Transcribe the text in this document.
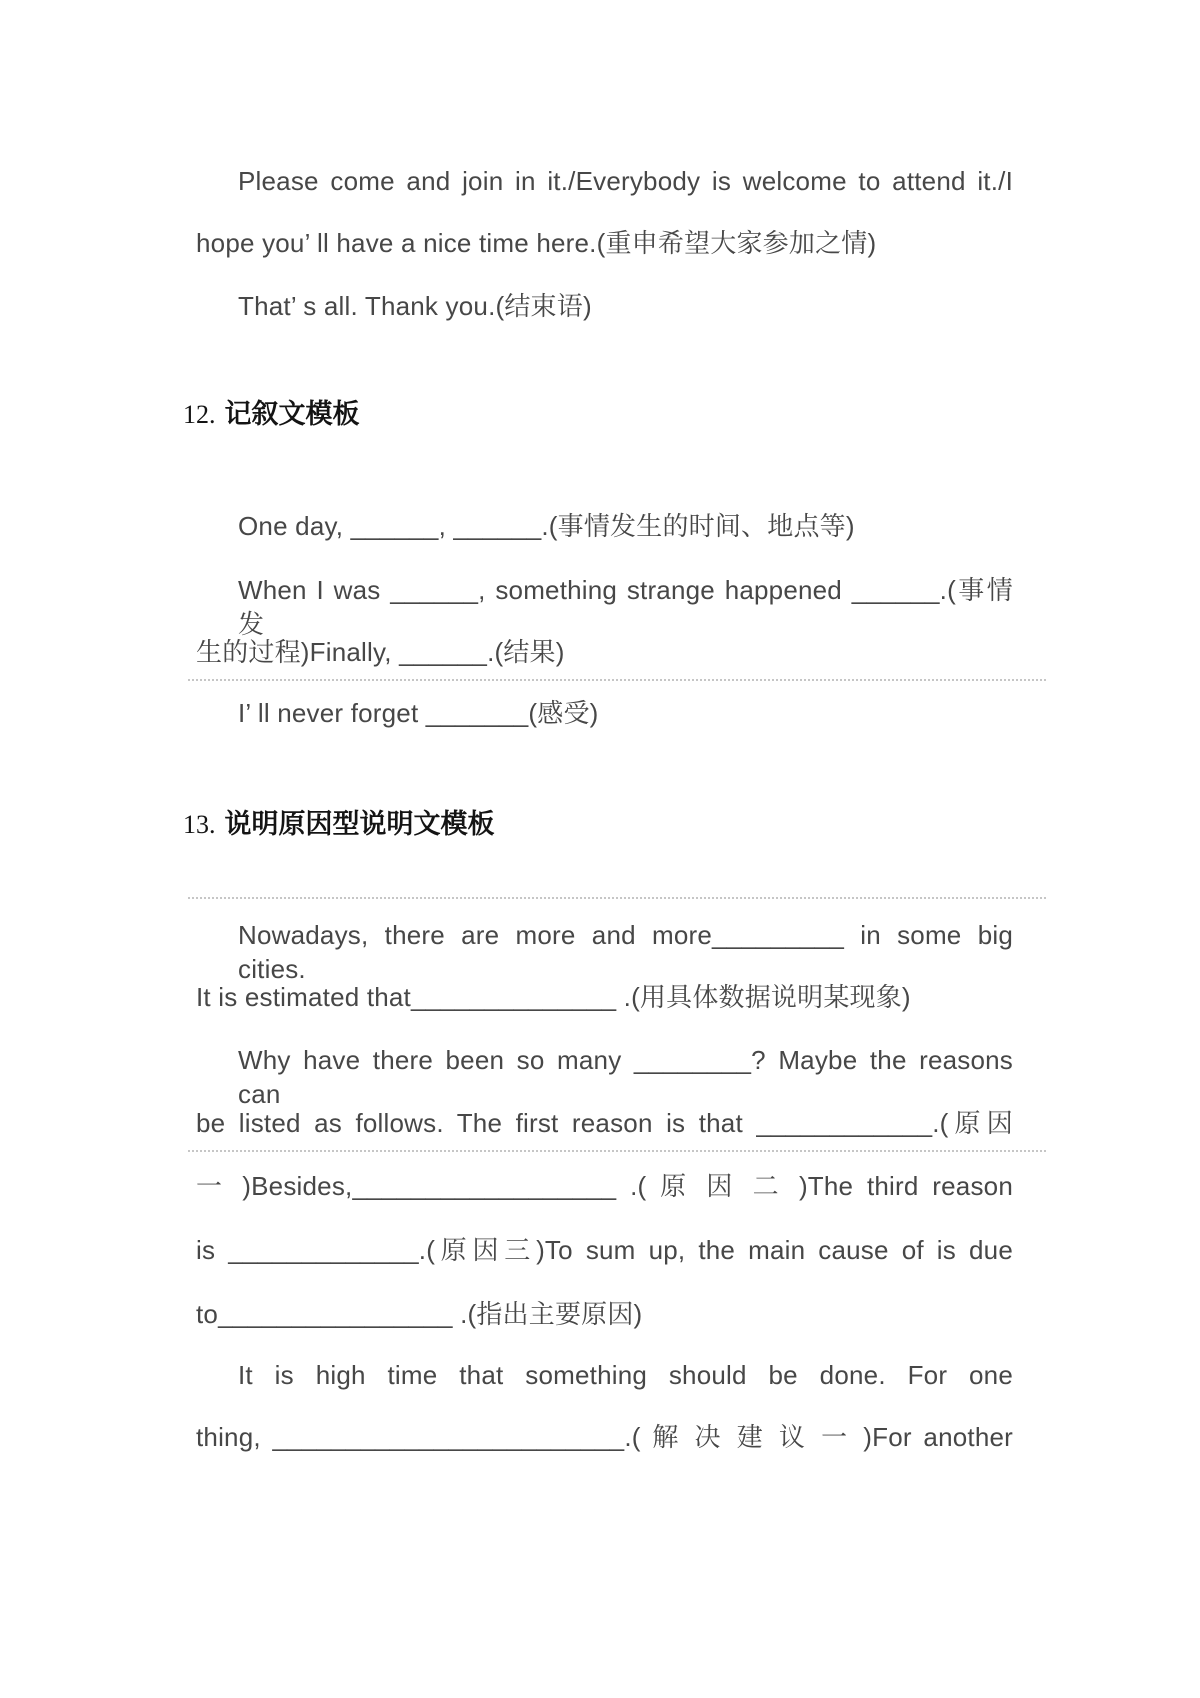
Please come and join in it./Everybody is welcome to attend it./I
hope you’ ll have a nice time here.(重申希望大家参加之情)
That’ s all. Thank you.(结束语)
12. 记叙文模板
One day, ______, ______.(事情发生的时间、地点等)
When I was ______, something strange happened ______.(事情发
生的过程)Finally, ______.(结果)
I’ ll never forget _______(感受)
13. 说明原因型说明文模板
Nowadays, there are more and more_________ in some big cities.
It is estimated that______________ .(用具体数据说明某现象)
Why have there been so many ________? Maybe the reasons can
be listed as follows. The first reason is that ____________.(原因
一 )Besides,__________________ .( 原 因 二 )The third reason
is _____________.(原因三)To sum up, the main cause of is due
to________________ .(指出主要原因)
It is high time that something should be done. For one
thing, ________________________.( 解 决 建 议 一 )For another
